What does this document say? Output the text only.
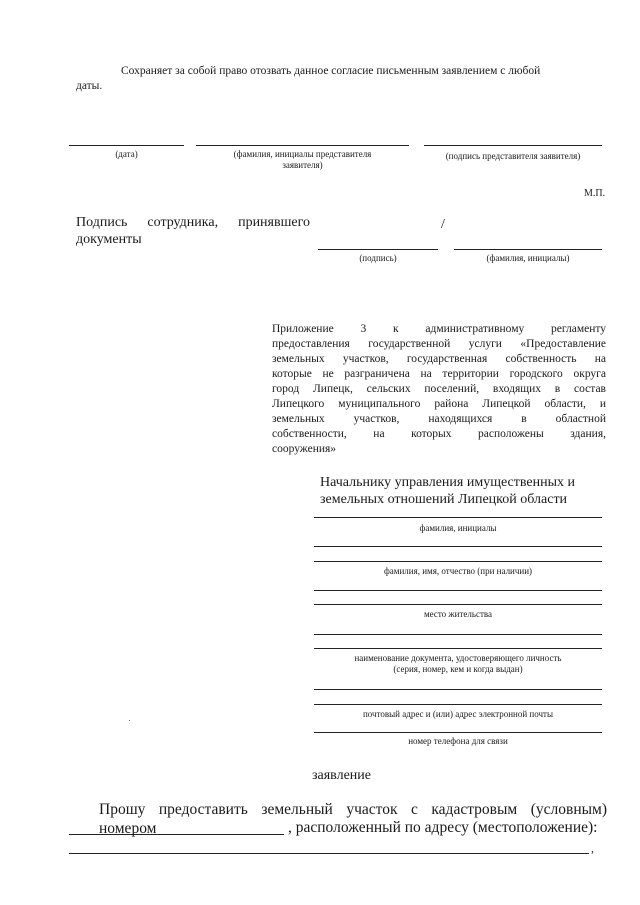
Сохраняет за собой право отозвать данное согласие письменным заявлением с любой
даты.
(дата)	(фамилия, инициалы представителя
заявителя)
(подпись представителя заявителя)
М.П.
Подпись сотрудника, принявшего
документы
/
(подпись)	(фамилия, инициалы)
Приложение 3 к административному регламенту
предоставления государственной услуги «Предоставление
земельных участков, государственная собственность на
которые не разграничена на территории городского округа
город Липецк, сельских поселений, входящих в состав
Липецкого муниципального района Липецкой области, и
земельных участков, находящихся в областной
собственности, на которых расположены здания,
сооружения»
Начальнику управления имущественных и
земельных отношений Липецкой области
фамилия, инициалы
фамилия, имя, отчество (при наличии)
место жительства
наименование документа, удостоверяющего личность
(серия, номер, кем и когда выдан)
почтовый адрес и (или) адрес электронной почты
номер телефона для связи
заявление
Прошу предоставить земельный участок с кадастровым (условным) номером	, расположенный по адресу (местоположение):
,
